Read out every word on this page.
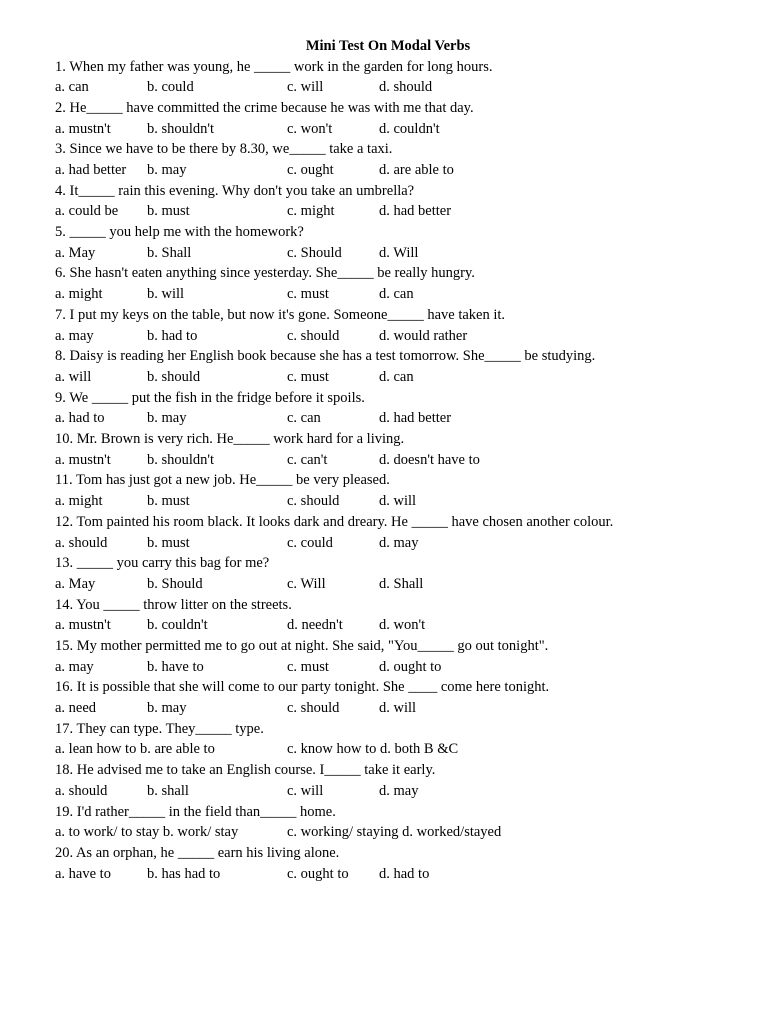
Mini Test On Modal Verbs
1. When my father was young, he _____ work in the garden for long hours.
a. can	b. could	c. will	d. should
2. He_____ have committed the crime because he was with me that day.
a. mustn't b. shouldn't	c. won't	d. couldn't
3. Since we have to be there by 8.30, we_____ take a taxi.
a. had better b. may	c. ought	d. are able to
4. It_____ rain this evening. Why don't you take an umbrella?
a. could be b. must	c. might	d. had better
5. _____ you help me with the homework?
a. May	b. Shall	c. Should	d. Will
6. She hasn't eaten anything since yesterday. She_____ be really hungry.
a. might	b. will	c. must	d. can
7. I put my keys on the table, but now it's gone. Someone_____ have taken it.
a. may	b. had to	c. should	d. would rather
8. Daisy is reading her English book because she has a test tomorrow. She_____ be studying.
a. will	b. should	c. must	d. can
9. We _____ put the fish in the fridge before it spoils.
a. had to	b. may	c. can	d. had better
10. Mr. Brown is very rich. He_____ work hard for a living.
a. mustn't b. shouldn't	c. can't	d. doesn't have to
11. Tom has just got a new job. He_____ be very pleased.
a. might	b. must	c. should	d. will
12. Tom painted his room black. It looks dark and dreary. He _____ have chosen another colour.
a. should	b. must	c. could	d. may
13. _____ you carry this bag for me?
a. May	b. Should	c. Will	d. Shall
14. You _____ throw litter on the streets.
a. mustn't b. couldn't	d. needn't d. won't
15. My mother permitted me to go out at night. She said, "You_____ go out tonight".
a. may	b. have to	c. must	d. ought to
16. It is possible that she will come to our party tonight. She ____ come here tonight.
a. need	b. may	c. should	d. will
17. They can type. They_____ type.
a. lean how to b. are able to	c. know how to d. both B &C
18. He advised me to take an English course. I_____ take it early.
a. should	b. shall	c. will	d. may
19. I'd rather_____ in the field than_____ home.
a. to work/ to stay b. work/ stay	c. working/ staying d. worked/stayed
20. As an orphan, he _____ earn his living alone.
a. have to b. has had to	c. ought to d. had to
